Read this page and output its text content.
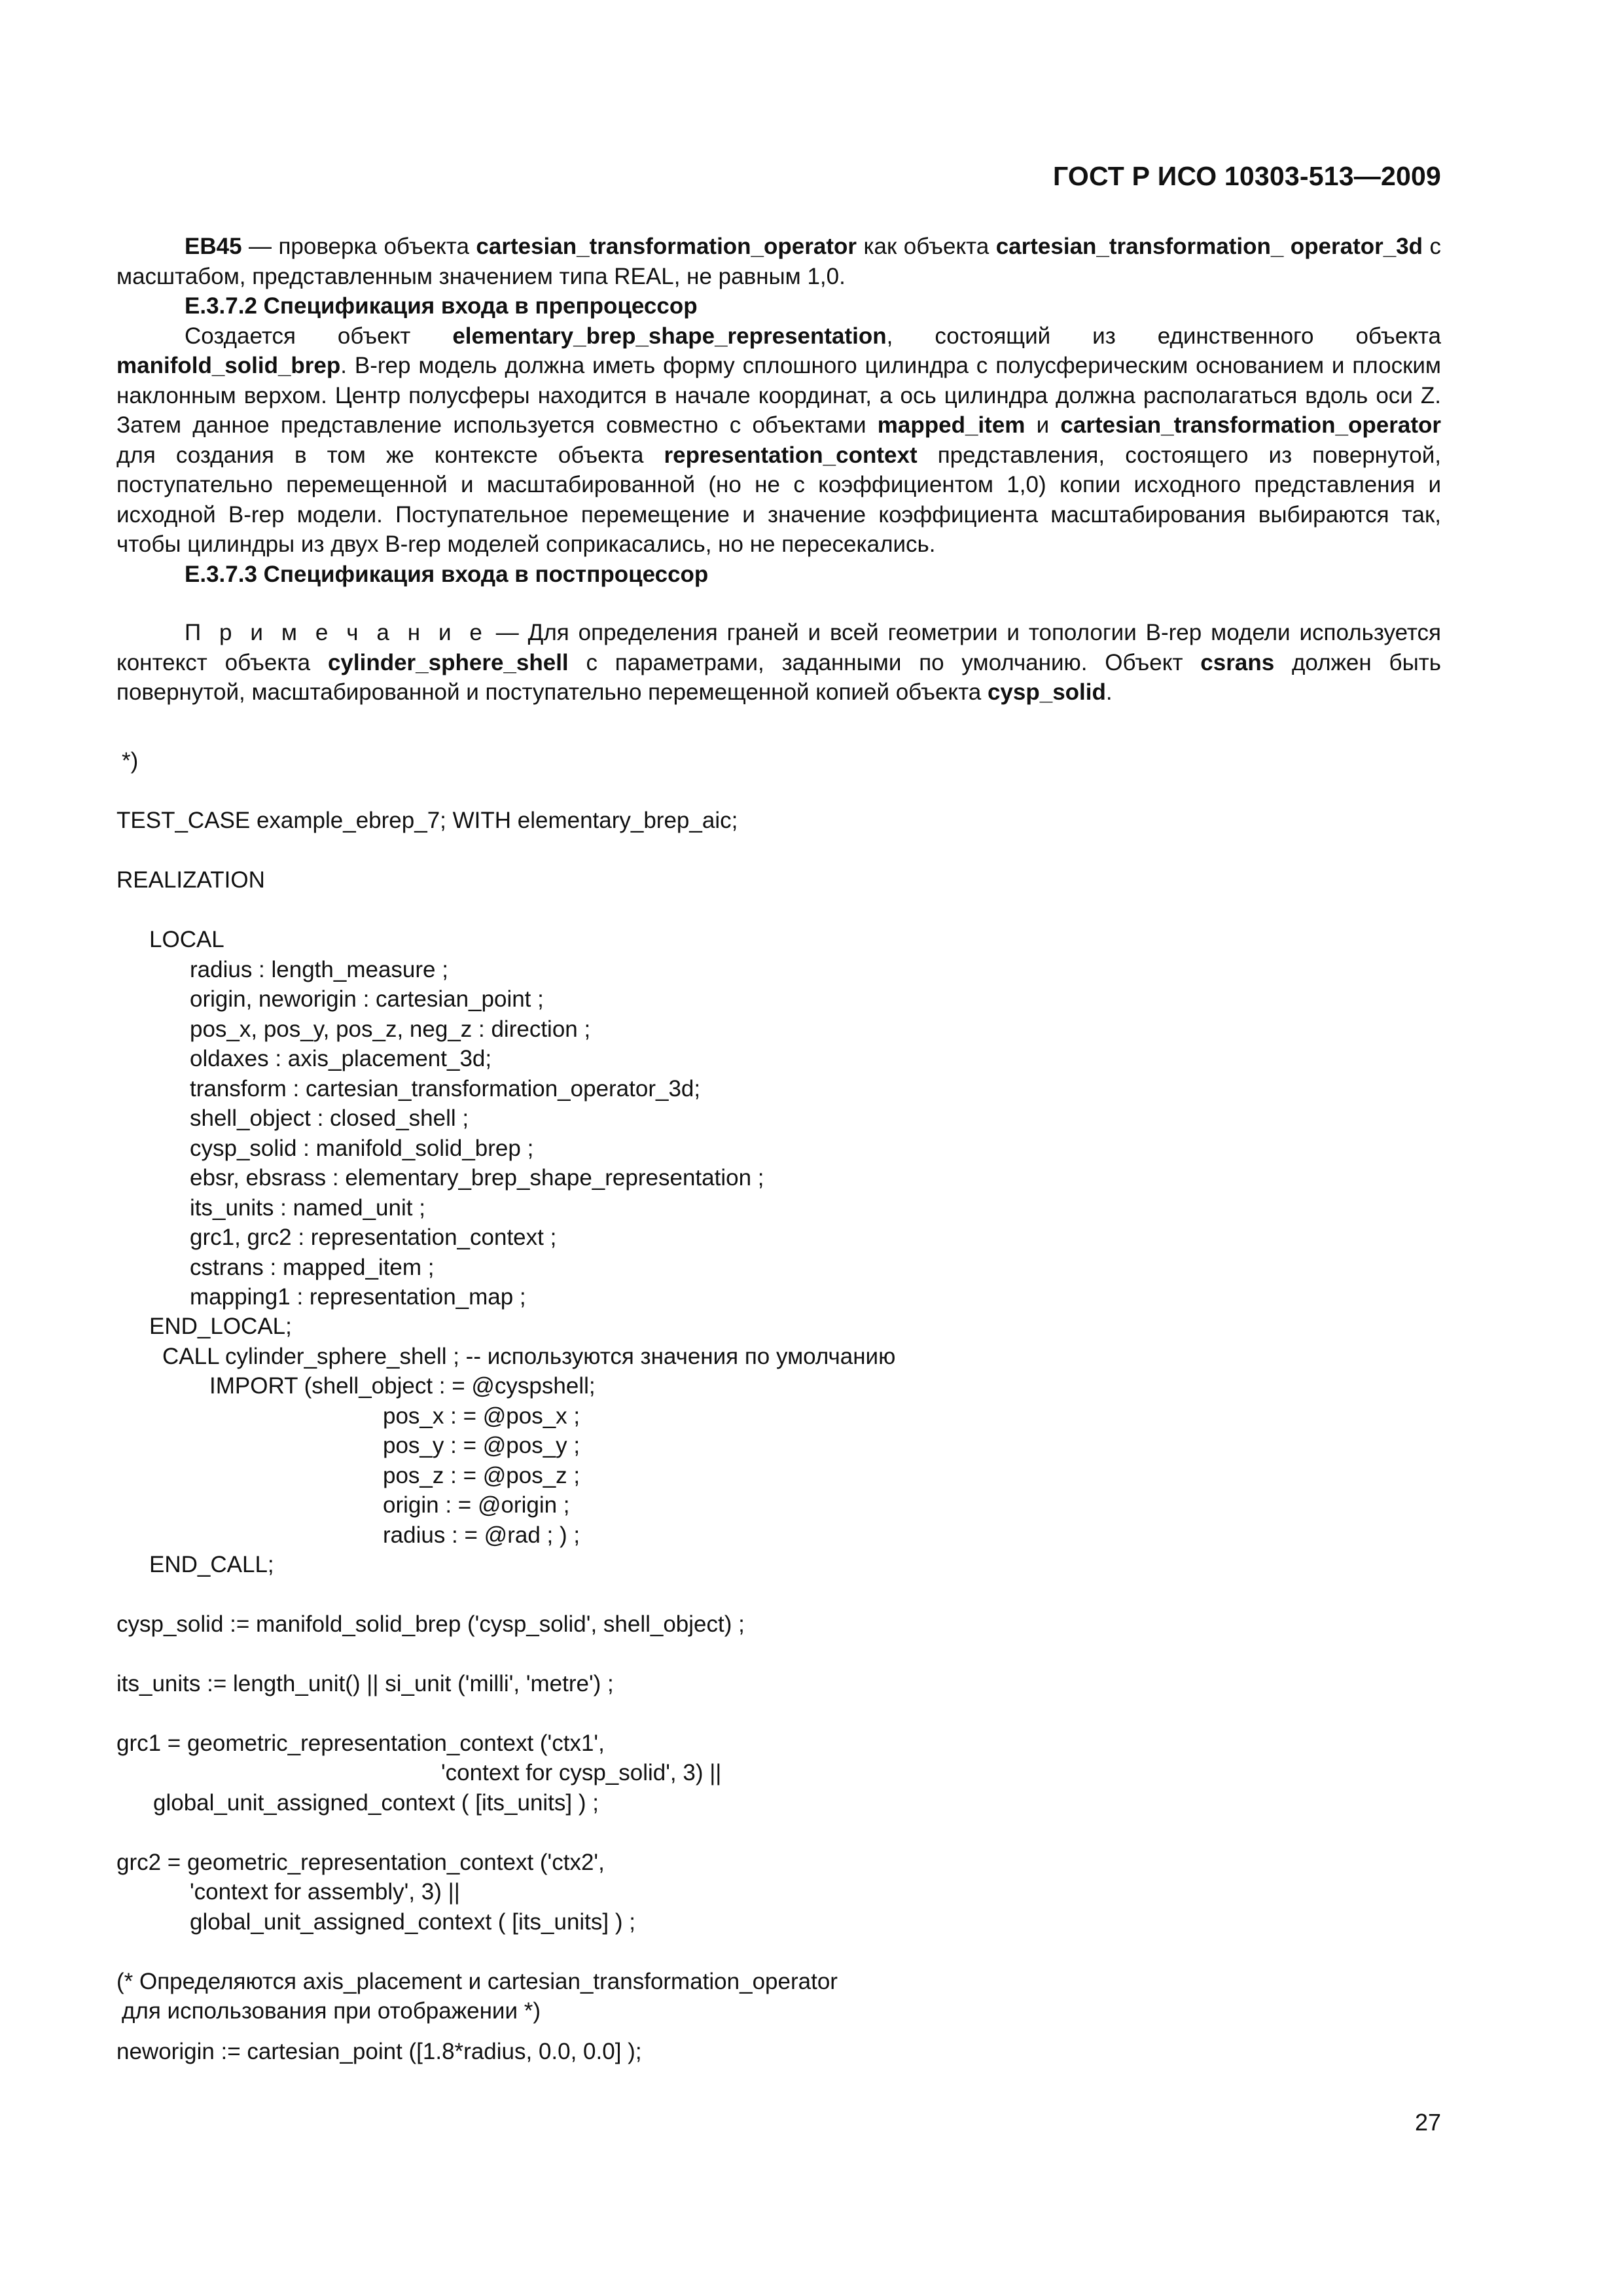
ГОСТ Р ИСО 10303-513—2009

EB45 — проверка объекта cartesian_transformation_operator как объекта cartesian_transformation_ operator_3d с масштабом, представленным значением типа REAL, не равным 1,0.

E.3.7.2 Спецификация входа в препроцессор

Создается объект elementary_brep_shape_representation, состоящий из единственного объекта manifold_solid_brep. B-rep модель должна иметь форму сплошного цилиндра с полусферическим основанием и плоским наклонным верхом. Центр полусферы находится в начале координат, а ось цилиндра должна располагаться вдоль оси Z. Затем данное представление используется совместно с объектами mapped_item и cartesian_transformation_operator для создания в том же контексте объекта representation_context представления, состоящего из повернутой, поступательно перемещенной и масштабированной (но не с коэффициентом 1,0) копии исходного представления и исходной B-rep модели. Поступательное перемещение и значение коэффициента масштабирования выбираются так, чтобы цилиндры из двух B-rep моделей соприкасались, но не пересекались.

E.3.7.3 Спецификация входа в постпроцессор

П р и м е ч а н и е — Для определения граней и всей геометрии и топологии B-rep модели используется контекст объекта cylinder_sphere_shell с параметрами, заданными по умолчанию. Объект csrans должен быть повернутой, масштабированной и поступательно перемещенной копией объекта cysp_solid.

*)
TEST_CASE example_ebrep_7; WITH elementary_brep_aic;
REALIZATION
LOCAL
radius : length_measure ;
origin, neworigin : cartesian_point ;
pos_x, pos_y, pos_z, neg_z : direction ;
oldaxes : axis_placement_3d;
transform : cartesian_transformation_operator_3d;
shell_object : closed_shell ;
cysp_solid : manifold_solid_brep ;
ebsr, ebsrass : elementary_brep_shape_representation ;
its_units : named_unit ;
grc1, grc2 : representation_context ;
cstrans : mapped_item ;
mapping1 : representation_map ;
END_LOCAL;
CALL cylinder_sphere_shell ; -- используются значения по умолчанию
IMPORT (shell_object : = @cyspshell;
pos_x : = @pos_x ;
pos_y : = @pos_y ;
pos_z : = @pos_z ;
origin : = @origin ;
radius : = @rad ; ) ;
END_CALL;
cysp_solid := manifold_solid_brep ('cysp_solid', shell_object) ;
its_units := length_unit() || si_unit ('milli', 'metre') ;
grc1 = geometric_representation_context ('ctx1',
'context for cysp_solid', 3) ||
global_unit_assigned_context ( [its_units] ) ;
grc2 = geometric_representation_context ('ctx2',
'context for assembly', 3) ||
global_unit_assigned_context ( [its_units] ) ;
(* Определяются axis_placement и cartesian_transformation_operator
для использования при отображении *)
neworigin := cartesian_point ([1.8*radius, 0.0, 0.0] );
27
